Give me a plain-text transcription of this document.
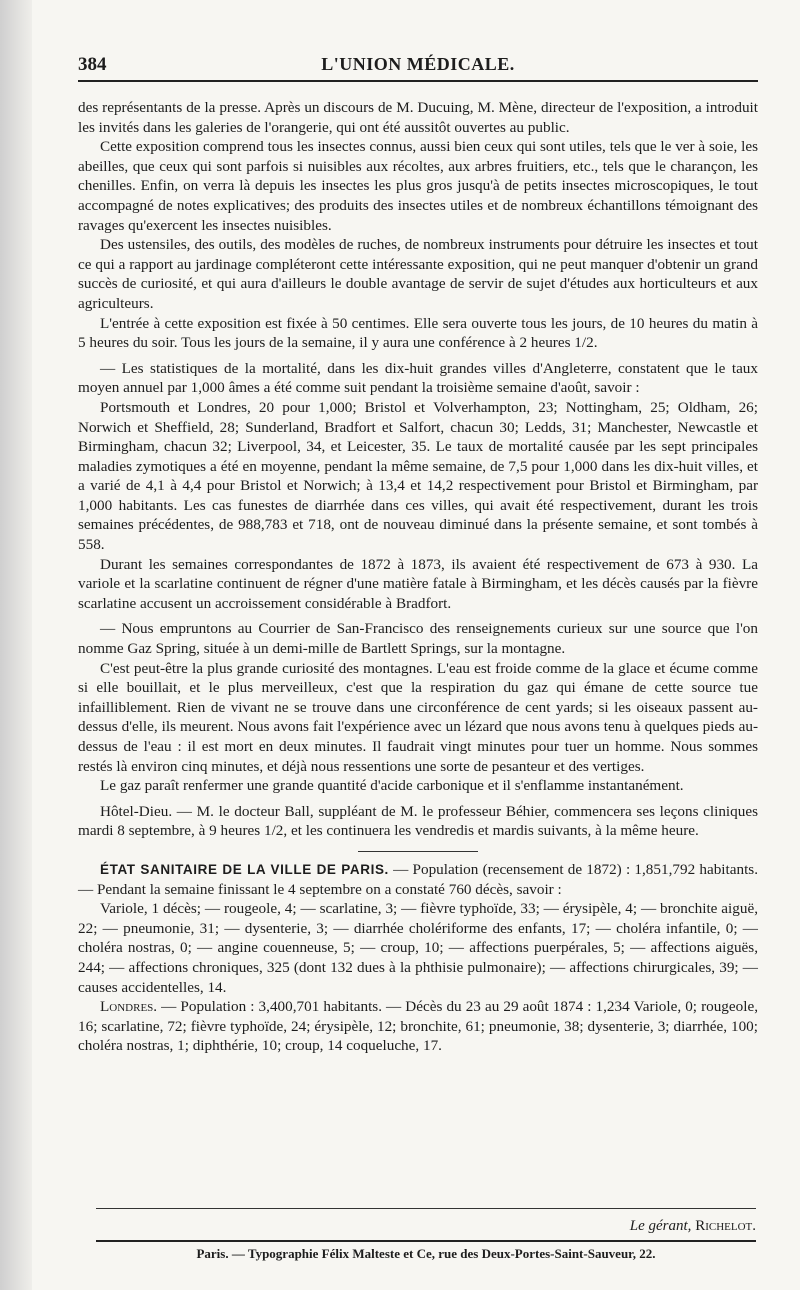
384	L'UNION MÉDICALE.

des représentants de la presse. Après un discours de M. Ducuing, M. Mène, directeur de l'exposition, a introduit les invités dans les galeries de l'orangerie, qui ont été aussitôt ouvertes au public.

Cette exposition comprend tous les insectes connus, aussi bien ceux qui sont utiles, tels que le ver à soie, les abeilles, que ceux qui sont parfois si nuisibles aux récoltes, aux arbres fruitiers, etc., tels que le charançon, les chenilles. Enfin, on verra là depuis les insectes les plus gros jusqu'à de petits insectes microscopiques, le tout accompagné de notes explicatives; des produits des insectes utiles et de nombreux échantillons témoignant des ravages qu'exercent les insectes nuisibles.

Des ustensiles, des outils, des modèles de ruches, de nombreux instruments pour détruire les insectes et tout ce qui a rapport au jardinage compléteront cette intéressante exposition, qui ne peut manquer d'obtenir un grand succès de curiosité, et qui aura d'ailleurs le double avantage de servir de sujet d'études aux horticulteurs et aux agriculteurs.

L'entrée à cette exposition est fixée à 50 centimes. Elle sera ouverte tous les jours, de 10 heures du matin à 5 heures du soir. Tous les jours de la semaine, il y aura une conférence à 2 heures 1/2.

— Les statistiques de la mortalité, dans les dix-huit grandes villes d'Angleterre, constatent que le taux moyen annuel par 1,000 âmes a été comme suit pendant la troisième semaine d'août, savoir :

Portsmouth et Londres, 20 pour 1,000; Bristol et Volverhampton, 23; Nottingham, 25; Oldham, 26; Norwich et Sheffield, 28; Sunderland, Bradfort et Salfort, chacun 30; Ledds, 31; Manchester, Newcastle et Birmingham, chacun 32; Liverpool, 34, et Leicester, 35. Le taux de mortalité causée par les sept principales maladies zymotiques a été en moyenne, pendant la même semaine, de 7,5 pour 1,000 dans les dix-huit villes, et a varié de 4,1 à 4,4 pour Bristol et Norwich; à 13,4 et 14,2 respectivement pour Bristol et Birmingham, par 1,000 habitants. Les cas funestes de diarrhée dans ces villes, qui avait été respectivement, durant les trois semaines précédentes, de 988,783 et 718, ont de nouveau diminué dans la présente semaine, et sont tombés à 558.

Durant les semaines correspondantes de 1872 à 1873, ils avaient été respectivement de 673 à 930. La variole et la scarlatine continuent de régner d'une matière fatale à Birmingham, et les décès causés par la fièvre scarlatine accusent un accroissement considérable à Bradfort.

— Nous empruntons au Courrier de San-Francisco des renseignements curieux sur une source que l'on nomme Gaz Spring, située à un demi-mille de Bartlett Springs, sur la montagne.

C'est peut-être la plus grande curiosité des montagnes. L'eau est froide comme de la glace et écume comme si elle bouillait, et le plus merveilleux, c'est que la respiration du gaz qui émane de cette source tue infailliblement. Rien de vivant ne se trouve dans une circonférence de cent yards; si les oiseaux passent au-dessus d'elle, ils meurent. Nous avons fait l'expérience avec un lézard que nous avons tenu à quelques pieds au-dessus de l'eau : il est mort en deux minutes. Il faudrait vingt minutes pour tuer un homme. Nous sommes restés là environ cinq minutes, et déjà nous ressentions une sorte de pesanteur et des vertiges.

Le gaz paraît renfermer une grande quantité d'acide carbonique et il s'enflamme instantanément.

Hôtel-Dieu. — M. le docteur Ball, suppléant de M. le professeur Béhier, commencera ses leçons cliniques mardi 8 septembre, à 9 heures 1/2, et les continuera les vendredis et mardis suivants, à la même heure.

ÉTAT SANITAIRE DE LA VILLE DE PARIS. — Population (recensement de 1872) : 1,851,792 habitants. — Pendant la semaine finissant le 4 septembre on a constaté 760 décès, savoir :

Variole, 1 décès; — rougeole, 4; — scarlatine, 3; — fièvre typhoïde, 33; — érysipèle, 4; — bronchite aiguë, 22; — pneumonie, 31; — dysenterie, 3; — diarrhée cholériforme des enfants, 17; — choléra infantile, 0; — choléra nostras, 0; — angine couenneuse, 5; — croup, 10; — affections puerpérales, 5; — affections aiguës, 244; — affections chroniques, 325 (dont 132 dues à la phthisie pulmonaire); — affections chirurgicales, 39; — causes accidentelles, 14.

Londres. — Population : 3,400,701 habitants. — Décès du 23 au 29 août 1874 : 1,234 Variole, 0; rougeole, 16; scarlatine, 72; fièvre typhoïde, 24; érysipèle, 12; bronchite, 61; pneumonie, 38; dysenterie, 3; diarrhée, 100; choléra nostras, 1; diphthérie, 10; croup, 14 coqueluche, 17.

Le gérant, Richelot.
Paris. — Typographie Félix Malteste et Ce, rue des Deux-Portes-Saint-Sauveur, 22.
